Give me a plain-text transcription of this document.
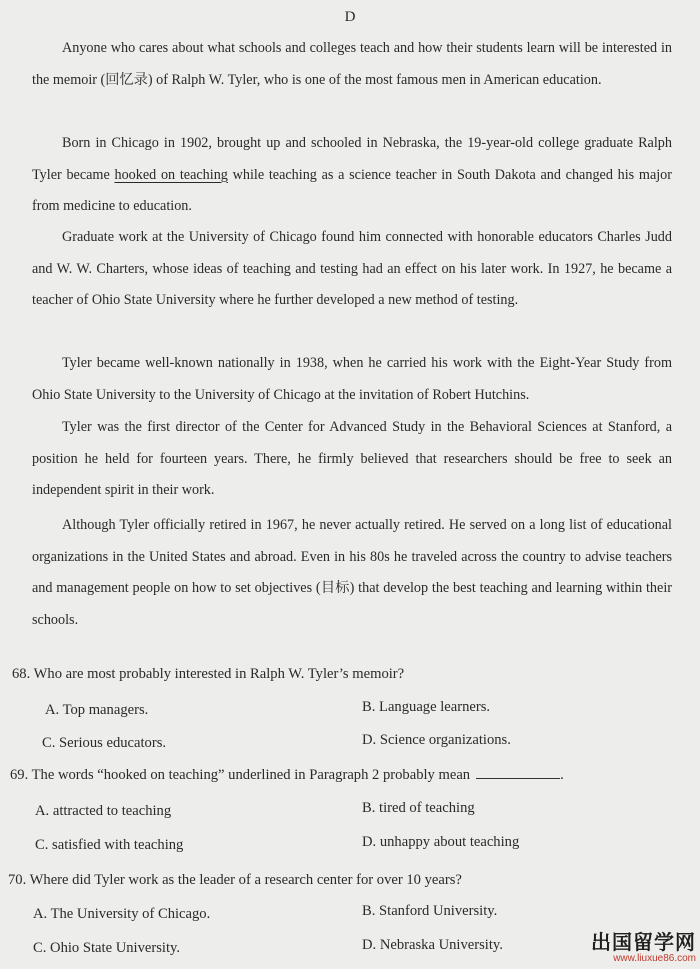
D

Anyone who cares about what schools and colleges teach and how their students learn will be interested in the memoir (回忆录) of Ralph W. Tyler, who is one of the most famous men in American education.

Born in Chicago in 1902, brought up and schooled in Nebraska, the 19-year-old college graduate Ralph Tyler became hooked on teaching while teaching as a science teacher in South Dakota and changed his major from medicine to education.

Graduate work at the University of Chicago found him connected with honorable educators Charles Judd and W. W. Charters, whose ideas of teaching and testing had an effect on his later work. In 1927, he became a teacher of Ohio State University where he further developed a new method of testing.

Tyler became well-known nationally in 1938, when he carried his work with the Eight-Year Study from Ohio State University to the University of Chicago at the invitation of Robert Hutchins.

Tyler was the first director of the Center for Advanced Study in the Behavioral Sciences at Stanford, a position he held for fourteen years. There, he firmly believed that researchers should be free to seek an independent spirit in their work.

Although Tyler officially retired in 1967, he never actually retired. He served on a long list of educational organizations in the United States and abroad. Even in his 80s he traveled across the country to advise teachers and management people on how to set objectives (目标) that develop the best teaching and learning within their schools.

68. Who are most probably interested in Ralph W. Tyler’s memoir?
A. Top managers.	B. Language learners.
C. Serious educators.	D. Science organizations.
69. The words “hooked on teaching” underlined in Paragraph 2 probably mean	.
A. attracted to teaching	B. tired of teaching
C. satisfied with teaching	D. unhappy about teaching
70. Where did Tyler work as the leader of a research center for over 10 years?
A. The University of Chicago.	B. Stanford University.
C. Ohio State University.	D. Nebraska University.	出国留学网
www.liuxue86.com
